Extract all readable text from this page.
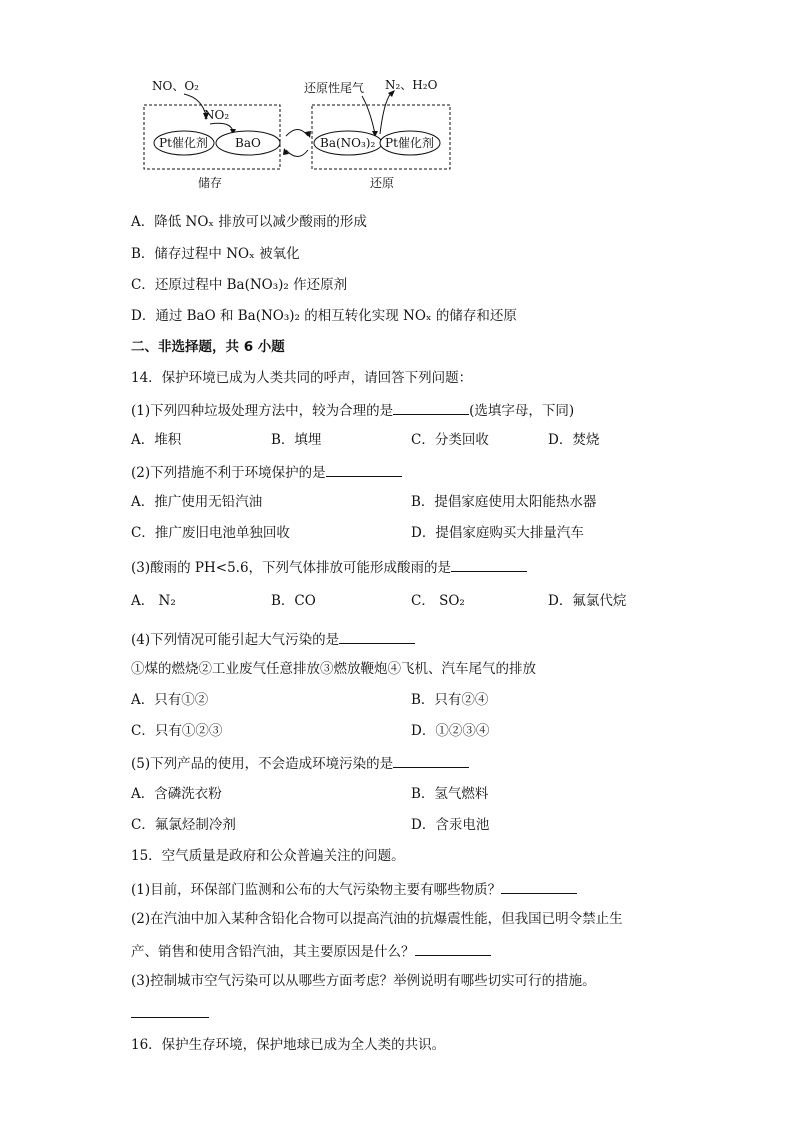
NO、O₂
NO₂
Pt催化剂 BaO
储存
还原性尾气 N₂、H₂O
Ba(NO₃)₂ Pt催化剂
还原
A．降低 NOₓ 排放可以减少酸雨的形成
B．储存过程中 NOₓ 被氧化
C．还原过程中 Ba(NO₃)₂ 作还原剂
D．通过 BaO 和 Ba(NO₃)₂ 的相互转化实现 NOₓ 的储存和还原
二、非选择题，共 6 小题
14．保护环境已成为人类共同的呼声，请回答下列问题：
(1)下列四种垃圾处理方法中，较为合理的是	(选填字母，下同)
A．堆积	B．填埋	C．分类回收	D．焚烧
(2)下列措施不利于环境保护的是
A．推广使用无铅汽油	B．提倡家庭使用太阳能热水器
C．推广废旧电池单独回收	D．提倡家庭购买大排量汽车
(3)酸雨的 PH<5.6，下列气体排放可能形成酸雨的是
A． N₂	B．CO	C． SO₂	D．氟氯代烷
(4)下列情况可能引起大气污染的是
①煤的燃烧②工业废气任意排放③燃放鞭炮④飞机、汽车尾气的排放
A．只有①②	B．只有②④
C．只有①②③	D．①②③④
(5)下列产品的使用，不会造成环境污染的是
A．含磷洗衣粉	B．氢气燃料
C．氟氯烃制冷剂	D．含汞电池
15．空气质量是政府和公众普遍关注的问题。
(1)目前，环保部门监测和公布的大气污染物主要有哪些物质？
(2)在汽油中加入某种含铅化合物可以提高汽油的抗爆震性能，但我国已明令禁止生
产、销售和使用含铅汽油，其主要原因是什么？
(3)控制城市空气污染可以从哪些方面考虑？举例说明有哪些切实可行的措施。
16．保护生存环境，保护地球已成为全人类的共识。
